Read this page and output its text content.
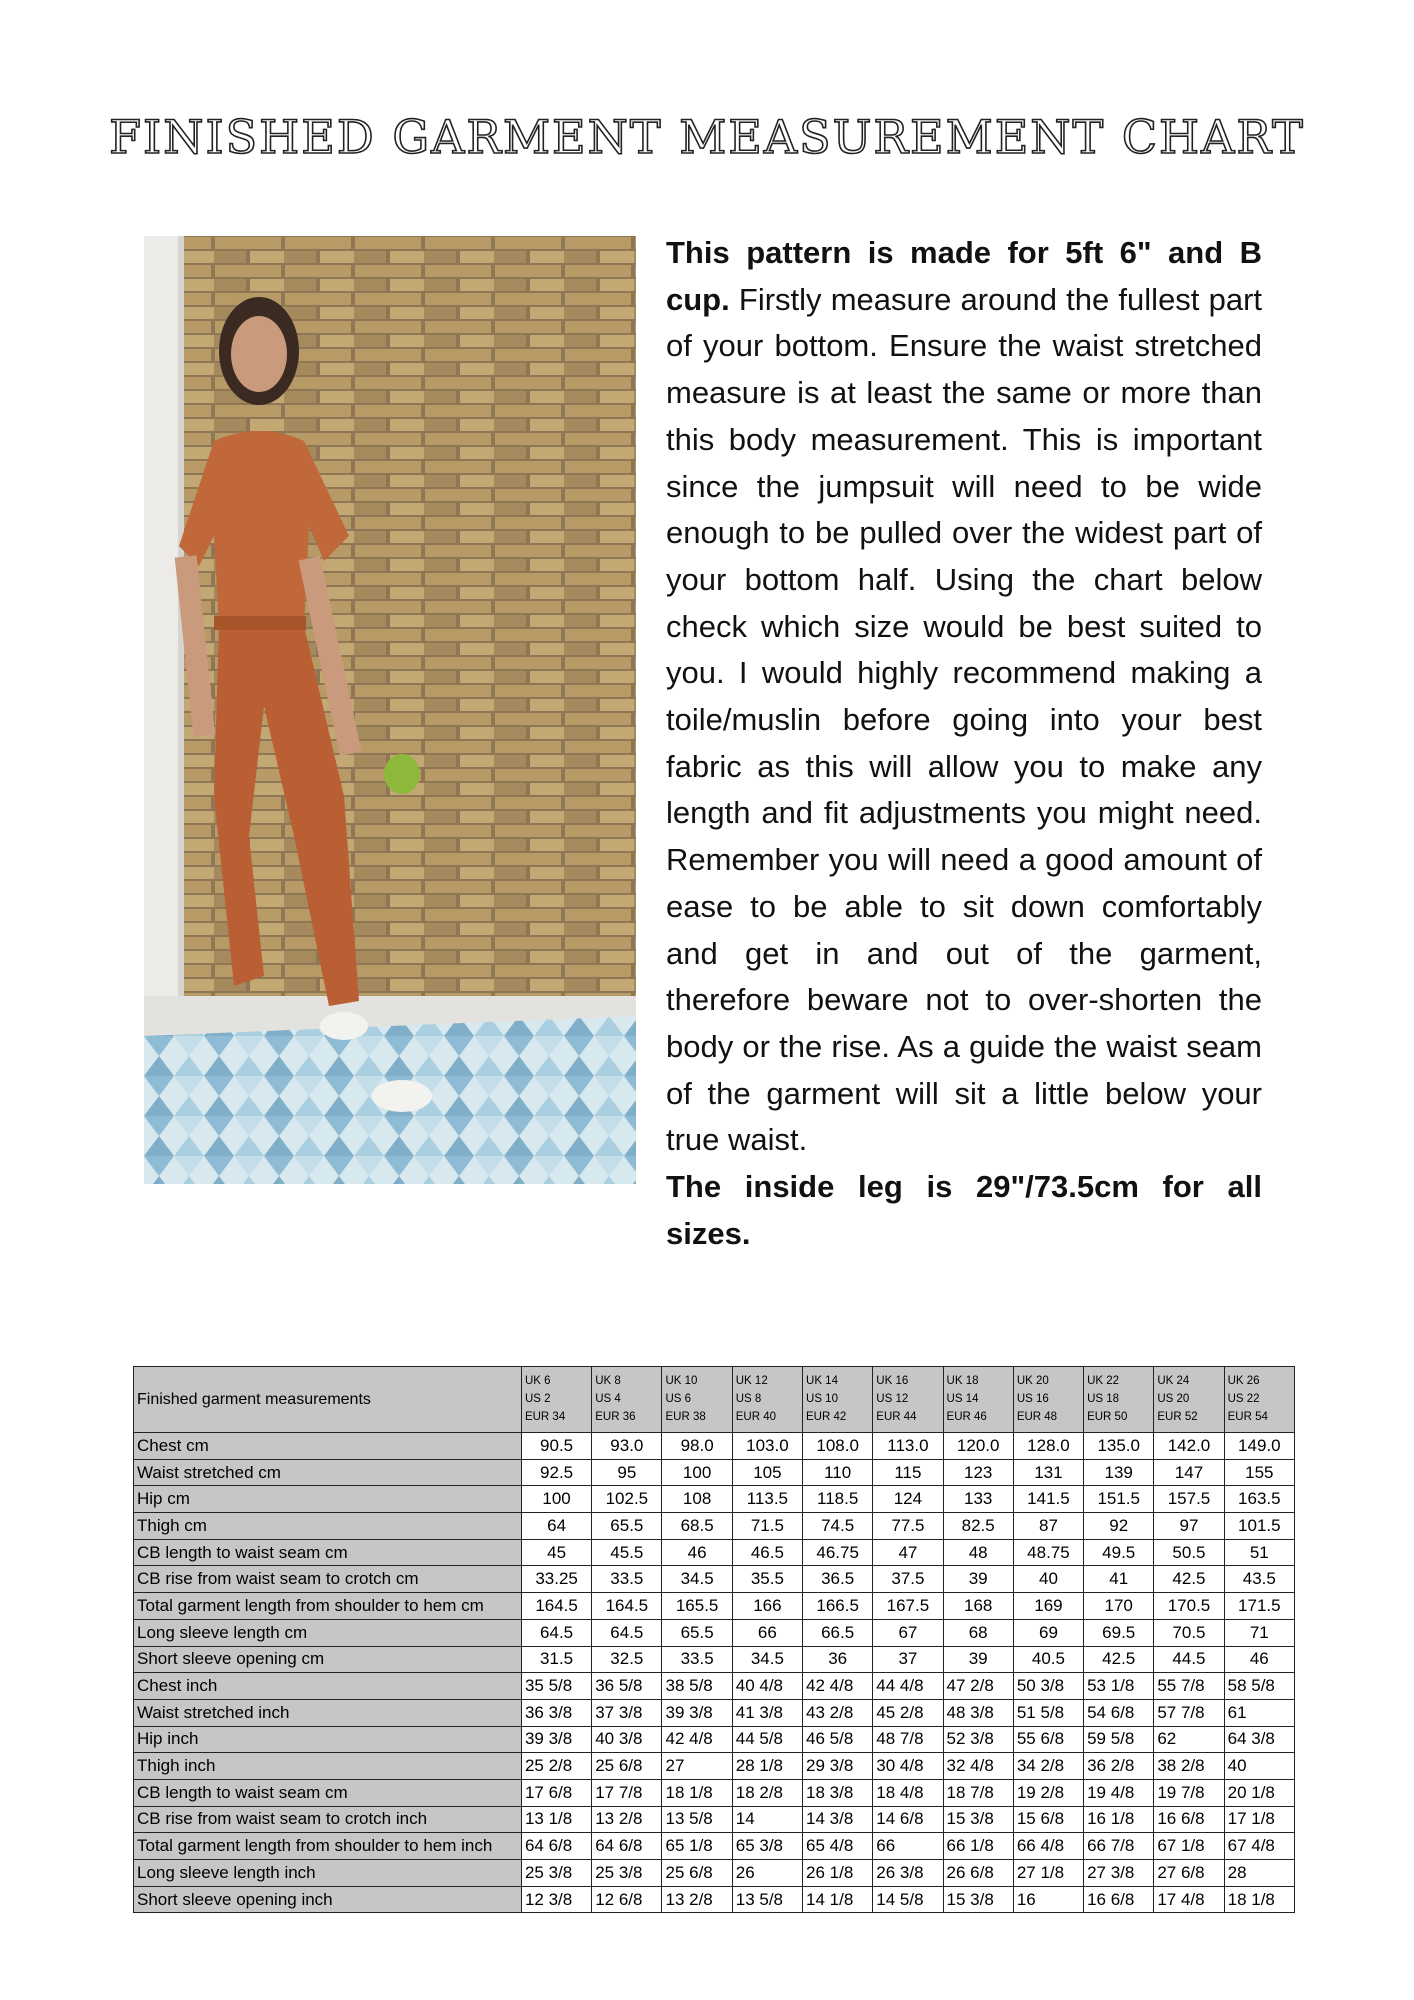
FINISHED GARMENT MEASUREMENT CHART
This pattern is made for 5ft 6" and B cup. Firstly measure around the fullest part of your bottom. Ensure the waist stretched measure is at least the same or more than this body measurement. This is important since the jumpsuit will need to be wide enough to be pulled over the widest part of your bottom half. Using the chart below check which size would be best suited to you. I would highly recommend making a toile/muslin before going into your best fabric as this will allow you to make any length and fit adjustments you might need. Remember you will need a good amount of ease to be able to sit down comfortably and get in and out of the garment, therefore beware not to over-shorten the body or the rise. As a guide the waist seam of the garment will sit a little below your true waist.
The inside leg is 29"/73.5cm for all sizes.
Finished garment measurements	UK 6
US 2
EUR 34	UK 8
US 4
EUR 36	UK 10
US 6
EUR 38	UK 12
US 8
EUR 40	UK 14
US 10
EUR 42	UK 16
US 12
EUR 44	UK 18
US 14
EUR 46	UK 20
US 16
EUR 48	UK 22
US 18
EUR 50	UK 24
US 20
EUR 52	UK 26
US 22
EUR 54

Chest cm	90.5	93.0	98.0	103.0	108.0	113.0	120.0	128.0	135.0	142.0	149.0
Waist stretched cm	92.5	95	100	105	110	115	123	131	139	147	155
Hip cm	100	102.5	108	113.5	118.5	124	133	141.5	151.5	157.5	163.5
Thigh cm	64	65.5	68.5	71.5	74.5	77.5	82.5	87	92	97	101.5
CB length to waist seam cm	45	45.5	46	46.5	46.75	47	48	48.75	49.5	50.5	51
CB rise from waist seam to crotch cm	33.25	33.5	34.5	35.5	36.5	37.5	39	40	41	42.5	43.5
Total garment length from shoulder to hem cm	164.5	164.5	165.5	166	166.5	167.5	168	169	170	170.5	171.5
Long sleeve length cm	64.5	64.5	65.5	66	66.5	67	68	69	69.5	70.5	71
Short sleeve opening cm	31.5	32.5	33.5	34.5	36	37	39	40.5	42.5	44.5	46
Chest inch	35 5/8	36 5/8	38 5/8	40 4/8	42 4/8	44 4/8	47 2/8	50 3/8	53 1/8	55 7/8	58 5/8
Waist stretched inch	36 3/8	37 3/8	39 3/8	41 3/8	43 2/8	45 2/8	48 3/8	51 5/8	54 6/8	57 7/8	61
Hip inch	39 3/8	40 3/8	42 4/8	44 5/8	46 5/8	48 7/8	52 3/8	55 6/8	59 5/8	62	64 3/8
Thigh inch	25 2/8	25 6/8	27	28 1/8	29 3/8	30 4/8	32 4/8	34 2/8	36 2/8	38 2/8	40
CB length to waist seam cm	17 6/8	17 7/8	18 1/8	18 2/8	18 3/8	18 4/8	18 7/8	19 2/8	19 4/8	19 7/8	20 1/8
CB rise from waist seam to crotch inch	13 1/8	13 2/8	13 5/8	14	14 3/8	14 6/8	15 3/8	15 6/8	16 1/8	16 6/8	17 1/8
Total garment length from shoulder to hem inch	64 6/8	64 6/8	65 1/8	65 3/8	65 4/8	66	66 1/8	66 4/8	66 7/8	67 1/8	67 4/8
Long sleeve length inch	25 3/8	25 3/8	25 6/8	26	26 1/8	26 3/8	26 6/8	27 1/8	27 3/8	27 6/8	28
Short sleeve opening inch	12 3/8	12 6/8	13 2/8	13 5/8	14 1/8	14 5/8	15 3/8	16	16 6/8	17 4/8	18 1/8
